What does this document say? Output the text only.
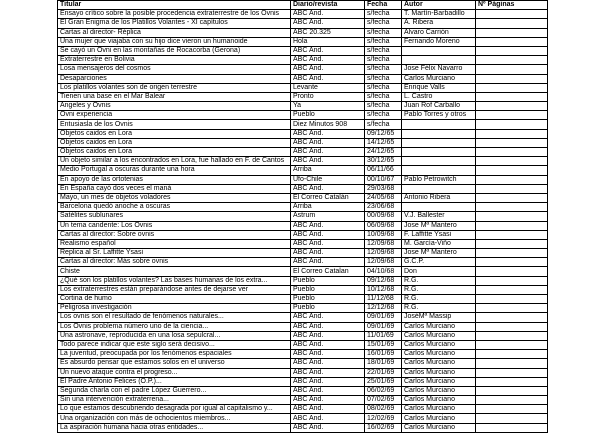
Titular	Diario/revista	Fecha	Autor	Nº Páginas
Ensayo crítico sobre la posible procedencia extraterrestre de los Ovnis	ABC And.	s/fecha	T. Martín-Barbadillo	
El Gran Enigma de los Platillos Volantes - XI capítulos	ABC And.	s/fecha	A. Ribera	
Cartas al director- Réplica	ABC 20.325	s/fecha	Alvaro Carrión	
Una mujer que viajaba con su hijo dice vieron un humanoide	Hola	s/fecha	Fernando Moreno	
Se cayó un Ovni en las montañas de Rocacorba (Gerona)	ABC And.	s/fecha		
Extraterrestre en Bolivia	ABC And.	s/fecha		
Losa mensajeros del cosmos	ABC And.	s/fecha	Jose Félix Navarro	
Desaparciones	ABC And.	s/fecha	Carlos Murciano	
Los platillos volantes son de origen terrestre	Levante	s/fecha	Enrique Valls	
Tienen una base en el Mar Balear	Pronto	s/fecha	L. Castro	
Angeles y Ovnis	Ya	s/fecha	Juan Rof Carballo	
Ovni experiencia	Pueblo	s/fecha	Pablo Torres y otros	
Entusiasla de los Ovnis	Diez Minutos 908	s/fecha		
Objetos caidos en Lora	ABC And.	09/12/65		
Objetos caidos en Lora	ABC And.	14/12/65		
Objetos caidos en Lora	ABC And.	24/12/65		
Un objeto similar a los encontrados en Lora, fue hallado en F. de Cantos	ABC And.	30/12/65		
Medio Portugal a oscuras durante una hora	Arriba	06/11/66		
En apoyo de las ortotenias	Ufo-Chile	00/10/67	Pablo Petrowitch	
En España cayó dos veces el maná	ABC And.	29/03/68		
Mayo, un mes de objetos voladores	El Correo Catalán	24/05/68	Antonio Ribera	
Barcelona quedó anoche a oscuras	Arriba	23/06/68		
Satélites sublunares	Astrum	00/09/68	V.J. Ballester	
Un tema candente: Los Ovnis	ABC And.	06/09/68	Jose Mª Mantero	
Cartas al director: Sobre ovnis	ABC And.	10/09/68	F. Laffitte Ysasi	
Realismo español	ABC And.	12/09/68	M. García-Viño	
Replica al Sr. Laffitte Ysasi	ABC And.	12/09/68	Jose Mª Mantero	
Cartas al director: Más sobre ovnis	ABC And.	12/09/68	G.C.P.	
Chiste	El Correo Catalan	04/10/68	Don	
¿Qué son los platillos volantes? Las bases humanas de los extra...	Pueblo	09/12/68	R.G.	
Los extraterrestres están preparándose antes de dejarse ver	Pueblo	10/12/68	R.G.	
Cortina de humo	Pueblo	11/12/68	R.G.	
Peligrosa investigación	Pueblo	12/12/68	R.G.	
Los ovnis son el resultado de fenómenos naturales...	ABC And.	09/01/69	JoséMª Massip	
Los Ovnis problema número uno de la ciencia...	ABC And.	09/01/69	Carlos Murciano	
Una astronave, reproducida en una losa sepulcral...	ABC And.	11/01/69	Carlos Murciano	
Todo parece indicar que este siglo será decisivo...	ABC And.	15/01/69	Carlos Murciano	
La juventud, preocupada por los fenómenos espaciales	ABC And.	16/01/69	Carlos Murciano	
Es absurdo pensar que estamos solos en el universo	ABC And.	18/01/69	Carlos Murciano	
Un nuevo ataque contra el progreso...	ABC And.	22/01/69	Carlos Murciano	
El Padre Antonio Felices (O.P.)...	ABC And.	25/01/69	Carlos Murciano	
Segunda charla con el padre López Guerrero...	ABC And.	06/02/69	Carlos Murciano	
Sin una intervención extraterrena...	ABC And.	07/02/69	Carlos Murciano	
Lo que estamos descubriendo desagrada por igual al capitalismo y...	ABC And.	08/02/69	Carlos Murciano	
Una organización con más de ochocientos miembros...	ABC And.	12/02/69	Carlos Murciano	
La aspiración humana hacia otras entidades...	ABC And.	16/02/69	Carlos Murciano	
